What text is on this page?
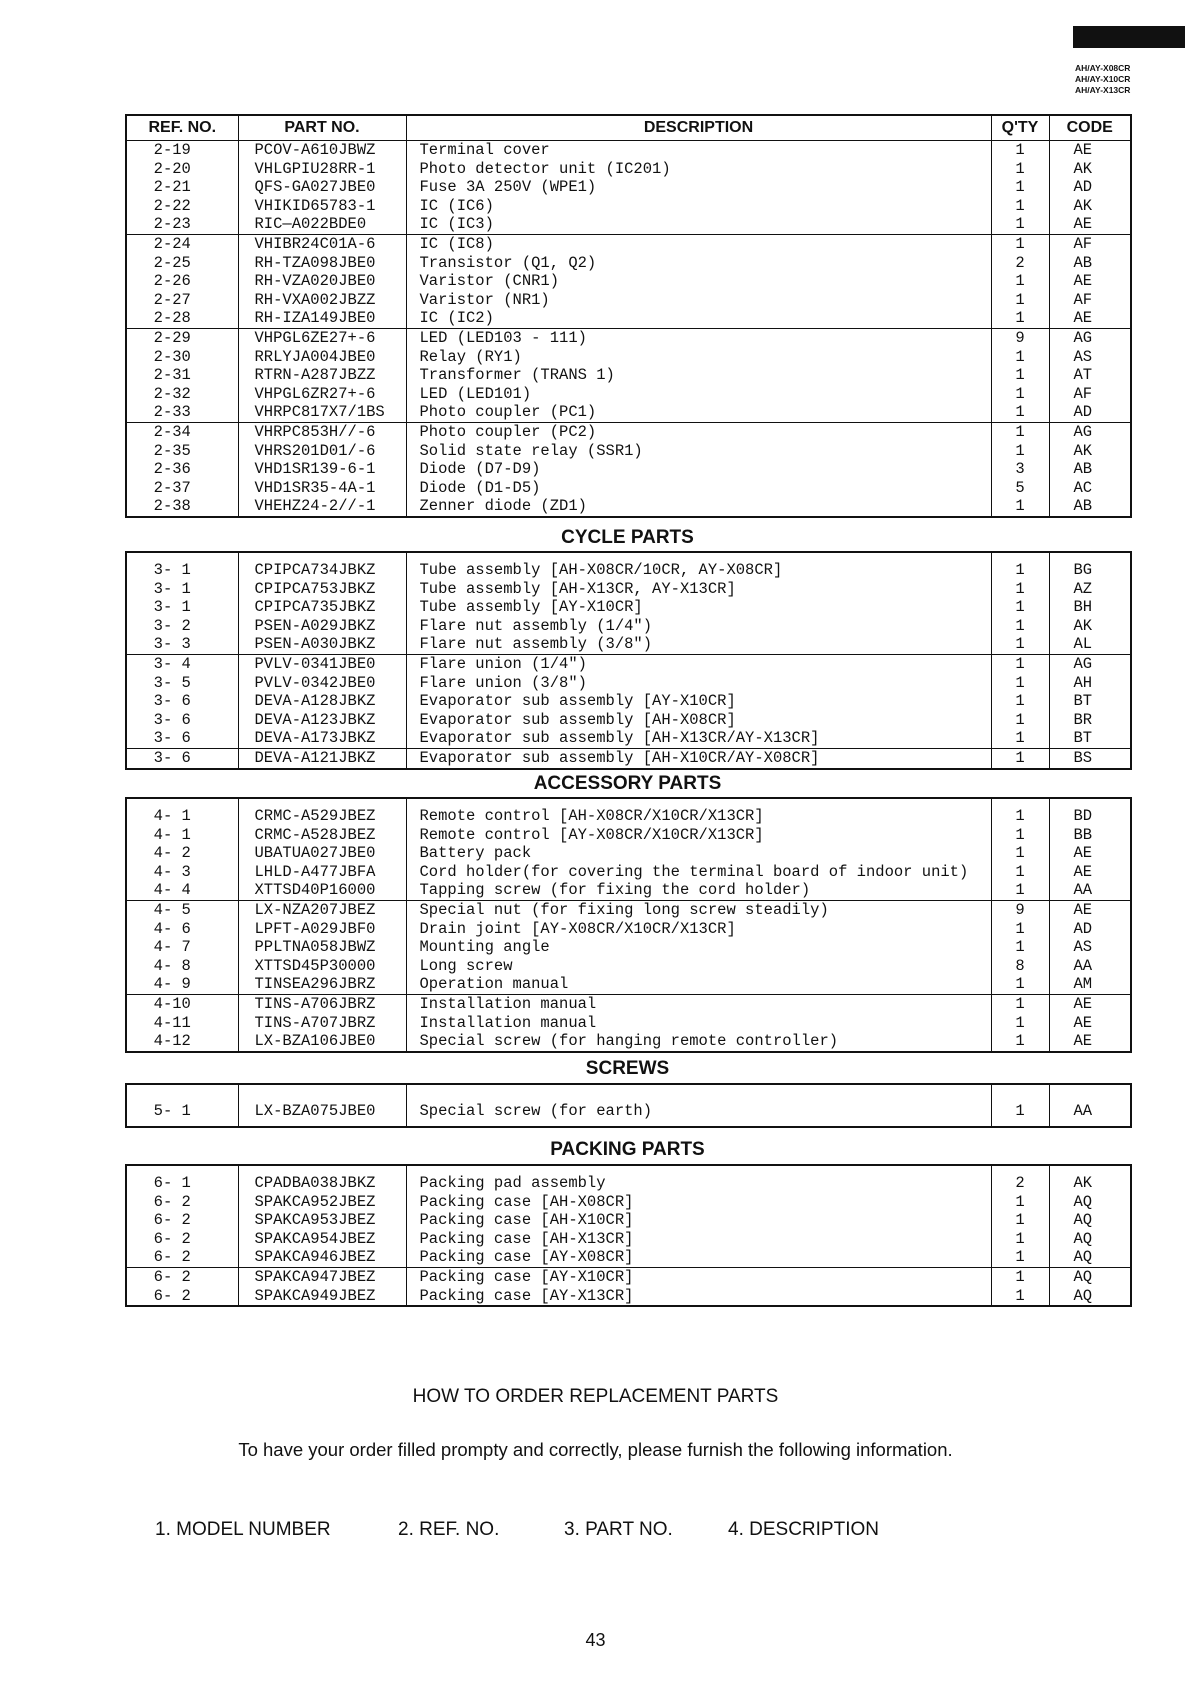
AH/AY-X08CR
AH/AY-X10CR
AH/AY-X13CR
REF. NO.	PART NO.	DESCRIPTION	Q'TY	CODE
2-19	PCOV-A610JBWZ	Terminal cover	1	AE
2-20	VHLGPIU28RR-1	Photo detector unit (IC201)	1	AK
2-21	QFS-GA027JBE0	Fuse 3A 250V (WPE1)	1	AD
2-22	VHIKID65783-1	IC (IC6)	1	AK
2-23	RIC—A022BDE0	IC (IC3)	1	AE
2-24	VHIBR24C01A-6	IC (IC8)	1	AF
2-25	RH-TZA098JBE0	Transistor (Q1, Q2)	2	AB
2-26	RH-VZA020JBE0	Varistor (CNR1)	1	AE
2-27	RH-VXA002JBZZ	Varistor (NR1)	1	AF
2-28	RH-IZA149JBE0	IC (IC2)	1	AE
2-29	VHPGL6ZE27+-6	LED (LED103 - 111)	9	AG
2-30	RRLYJA004JBE0	Relay (RY1)	1	AS
2-31	RTRN-A287JBZZ	Transformer (TRANS 1)	1	AT
2-32	VHPGL6ZR27+-6	LED (LED101)	1	AF
2-33	VHRPC817X7/1BS	Photo coupler (PC1)	1	AD
2-34	VHRPC853H//-6	Photo coupler (PC2)	1	AG
2-35	VHRS201D01/-6	Solid state relay (SSR1)	1	AK
2-36	VHD1SR139-6-1	Diode (D7-D9)	3	AB
2-37	VHD1SR35-4A-1	Diode (D1-D5)	5	AC
2-38	VHEHZ24-2//-1	Zenner diode (ZD1)	1	AB
CYCLE PARTS

3- 1	CPIPCA734JBKZ	Tube assembly [AH-X08CR/10CR, AY-X08CR]	1	BG
3- 1	CPIPCA753JBKZ	Tube assembly [AH-X13CR, AY-X13CR]	1	AZ
3- 1	CPIPCA735JBKZ	Tube assembly [AY-X10CR]	1	BH
3- 2	PSEN-A029JBKZ	Flare nut assembly (1/4")	1	AK
3- 3	PSEN-A030JBKZ	Flare nut assembly (3/8")	1	AL
3- 4	PVLV-0341JBE0	Flare union (1/4")	1	AG
3- 5	PVLV-0342JBE0	Flare union (3/8")	1	AH
3- 6	DEVA-A128JBKZ	Evaporator sub assembly [AY-X10CR]	1	BT
3- 6	DEVA-A123JBKZ	Evaporator sub assembly [AH-X08CR]	1	BR
3- 6	DEVA-A173JBKZ	Evaporator sub assembly [AH-X13CR/AY-X13CR]	1	BT
3- 6	DEVA-A121JBKZ	Evaporator sub assembly [AH-X10CR/AY-X08CR]	1	BS
ACCESSORY PARTS

4- 1	CRMC-A529JBEZ	Remote control [AH-X08CR/X10CR/X13CR]	1	BD
4- 1	CRMC-A528JBEZ	Remote control [AY-X08CR/X10CR/X13CR]	1	BB
4- 2	UBATUA027JBE0	Battery pack	1	AE
4- 3	LHLD-A477JBFA	Cord holder(for covering the terminal board of indoor unit)	1	AE
4- 4	XTTSD40P16000	Tapping screw (for fixing the cord holder)	1	AA
4- 5	LX-NZA207JBEZ	Special nut (for fixing long screw steadily)	9	AE
4- 6	LPFT-A029JBF0	Drain joint [AY-X08CR/X10CR/X13CR]	1	AD
4- 7	PPLTNA058JBWZ	Mounting angle	1	AS
4- 8	XTTSD45P30000	Long screw	8	AA
4- 9	TINSEA296JBRZ	Operation manual	1	AM
4-10	TINS-A706JBRZ	Installation manual	1	AE
4-11	TINS-A707JBRZ	Installation manual	1	AE
4-12	LX-BZA106JBE0	Special screw (for hanging remote controller)	1	AE
SCREWS

5- 1	LX-BZA075JBE0	Special screw (for earth)	1	AA
PACKING PARTS

6- 1	CPADBA038JBKZ	Packing pad assembly	2	AK
6- 2	SPAKCA952JBEZ	Packing case [AH-X08CR]	1	AQ
6- 2	SPAKCA953JBEZ	Packing case [AH-X10CR]	1	AQ
6- 2	SPAKCA954JBEZ	Packing case [AH-X13CR]	1	AQ
6- 2	SPAKCA946JBEZ	Packing case [AY-X08CR]	1	AQ
6- 2	SPAKCA947JBEZ	Packing case [AY-X10CR]	1	AQ
6- 2	SPAKCA949JBEZ	Packing case [AY-X13CR]	1	AQ
HOW TO ORDER REPLACEMENT PARTS
To have your order filled prompty and correctly, please furnish the following information.
1. MODEL NUMBER	2. REF. NO.	3. PART NO.	4. DESCRIPTION
43
